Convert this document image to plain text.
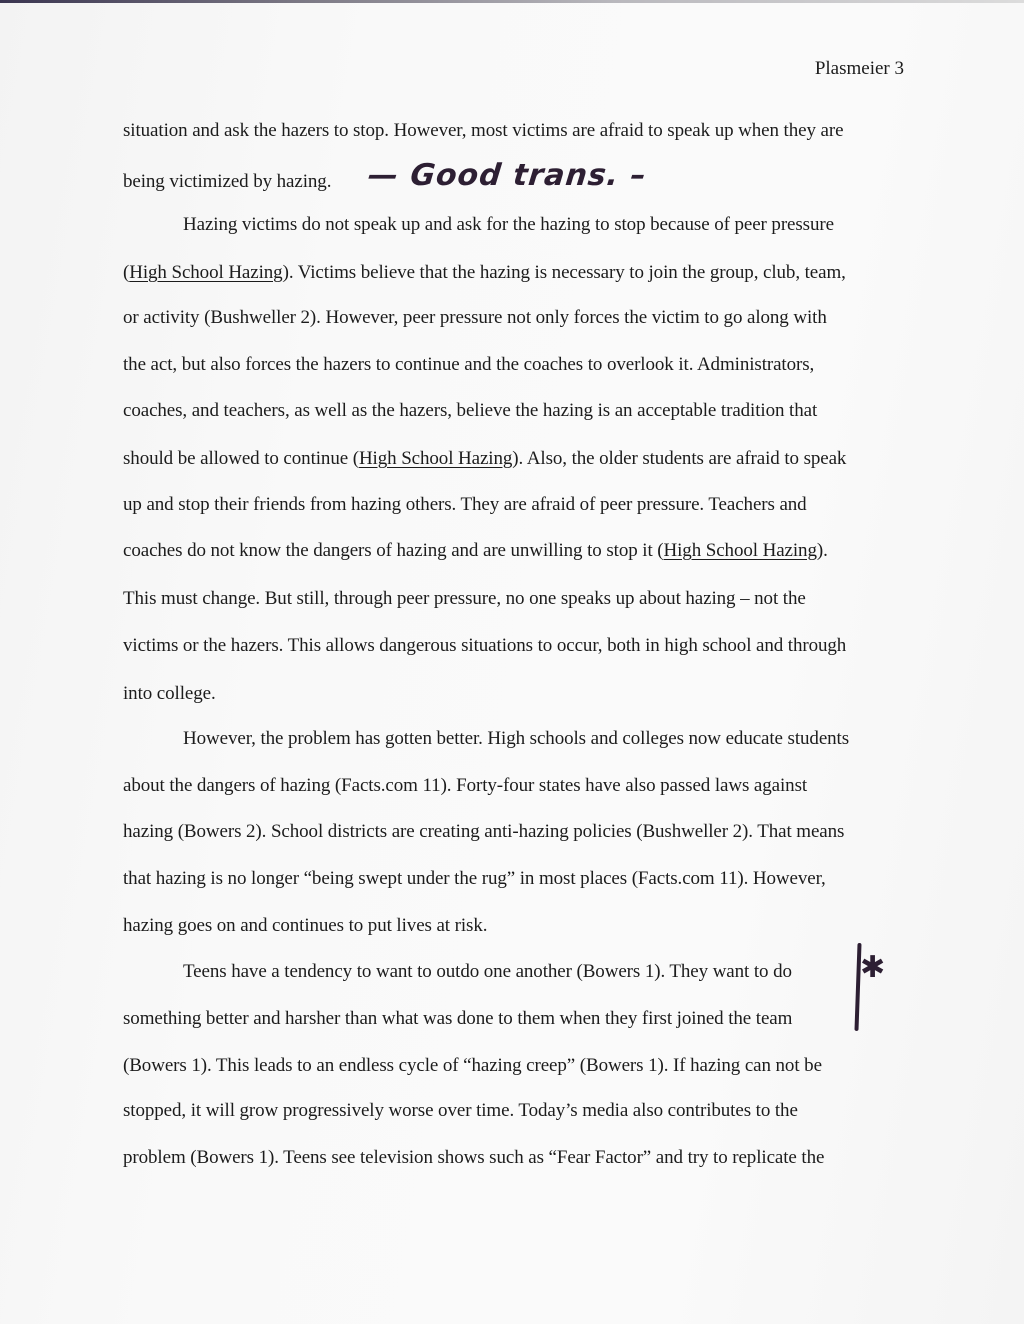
Plasmeier 3
situation and ask the hazers to stop. However, most victims are afraid to speak up when they are
being victimized by hazing. — Good trans. –
Hazing victims do not speak up and ask for the hazing to stop because of peer pressure
(High School Hazing). Victims believe that the hazing is necessary to join the group, club, team,
or activity (Bushweller 2). However, peer pressure not only forces the victim to go along with
the act, but also forces the hazers to continue and the coaches to overlook it. Administrators,
coaches, and teachers, as well as the hazers, believe the hazing is an acceptable tradition that
should be allowed to continue (High School Hazing). Also, the older students are afraid to speak
up and stop their friends from hazing others. They are afraid of peer pressure. Teachers and
coaches do not know the dangers of hazing and are unwilling to stop it (High School Hazing).
This must change. But still, through peer pressure, no one speaks up about hazing – not the
victims or the hazers. This allows dangerous situations to occur, both in high school and through
into college.
However, the problem has gotten better. High schools and colleges now educate students
about the dangers of hazing (Facts.com 11). Forty-four states have also passed laws against
hazing (Bowers 2). School districts are creating anti-hazing policies (Bushweller 2). That means
that hazing is no longer “being swept under the rug” in most places (Facts.com 11). However,
hazing goes on and continues to put lives at risk.
Teens have a tendency to want to outdo one another (Bowers 1). They want to do
something better and harsher than what was done to them when they first joined the team
(Bowers 1). This leads to an endless cycle of “hazing creep” (Bowers 1). If hazing can not be
stopped, it will grow progressively worse over time. Today’s media also contributes to the
problem (Bowers 1). Teens see television shows such as “Fear Factor” and try to replicate the
✱
